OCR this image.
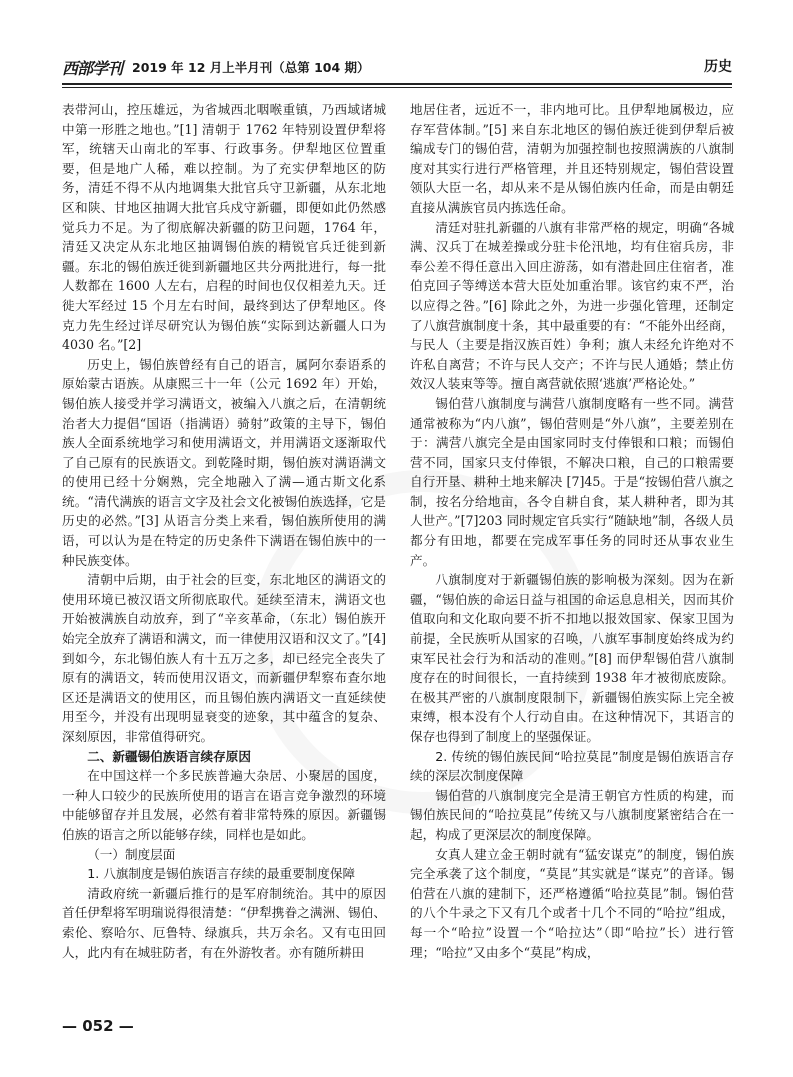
西部学刊 2019 年 12 月上半月刊（总第 104 期）	历史

表带河山，控压雄远，为省城西北咽喉重镇，乃西域诸城中第一形胜之地也。”[1] 清朝于 1762 年特别设置伊犁将军，统辖天山南北的军事、行政事务。伊犁地区位置重要，但是地广人稀，难以控制。为了充实伊犁地区的防务，清廷不得不从内地调集大批官兵守卫新疆，从东北地区和陕、甘地区抽调大批官兵戍守新疆，即便如此仍然感觉兵力不足。为了彻底解决新疆的防卫问题，1764 年，清廷又决定从东北地区抽调锡伯族的精锐官兵迁徙到新疆。东北的锡伯族迁徙到新疆地区共分两批进行，每一批人数都在 1600 人左右，启程的时间也仅仅相差九天。迁徙大军经过 15 个月左右时间，最终到达了伊犁地区。佟克力先生经过详尽研究认为锡伯族“实际到达新疆人口为 4030 名。”[2]

历史上，锡伯族曾经有自己的语言，属阿尔泰语系的原始蒙古语族。从康熙三十一年（公元 1692 年）开始，锡伯族人接受并学习满语文，被编入八旗之后，在清朝统治者大力提倡“国语（指满语）骑射”政策的主导下，锡伯族人全面系统地学习和使用满语文，并用满语文逐渐取代了自己原有的民族语文。到乾隆时期，锡伯族对满语满文的使用已经十分娴熟，完全地融入了满—通古斯文化系统。“清代满族的语言文字及社会文化被锡伯族选择，它是历史的必然。”[3] 从语言分类上来看，锡伯族所使用的满语，可以认为是在特定的历史条件下满语在锡伯族中的一种民族变体。

清朝中后期，由于社会的巨变，东北地区的满语文的使用环境已被汉语文所彻底取代。延续至清末，满语文也开始被满族自动放弃，到了“辛亥革命，（东北）锡伯族开始完全放弃了满语和满文，而一律使用汉语和汉文了。”[4] 到如今，东北锡伯族人有十五万之多，却已经完全丧失了原有的满语文，转而使用汉语文，而新疆伊犁察布查尔地区还是满语文的使用区，而且锡伯族内满语文一直延续使用至今，并没有出现明显衰变的迹象，其中蕴含的复杂、深刻原因，非常值得研究。

二、新疆锡伯族语言续存原因

在中国这样一个多民族普遍大杂居、小聚居的国度，一种人口较少的民族所使用的语言在语言竞争激烈的环境中能够留存并且发展，必然有着非常特殊的原因。新疆锡伯族的语言之所以能够存续，同样也是如此。

（一）制度层面

1. 八旗制度是锡伯族语言存续的最重要制度保障

清政府统一新疆后推行的是军府制统治。其中的原因首任伊犁将军明瑞说得很清楚：“伊犁携眷之满洲、锡伯、索伦、察哈尔、厄鲁特、绿旗兵，共万余名。又有屯田回人，此内有在城驻防者，有在外游牧者。亦有随所耕田

地居住者，远近不一，非内地可比。且伊犁地属极边，应存军营体制。”[5] 来自东北地区的锡伯族迁徙到伊犁后被编成专门的锡伯营，清朝为加强控制也按照满族的八旗制度对其实行进行严格管理，并且还特别规定，锡伯营设置领队大臣一名，却从来不是从锡伯族内任命，而是由朝廷直接从满族官员内拣选任命。

清廷对驻扎新疆的八旗有非常严格的规定，明确“各城满、汉兵丁在城差操或分驻卡伦汛地，均有住宿兵房，非奉公差不得任意出入回庄游荡，如有潜赴回庄住宿者，准伯克回子等缚送本营大臣处加重治罪。该官约束不严，治以应得之咎。”[6] 除此之外，为进一步强化管理，还制定了八旗营旗制度十条，其中最重要的有：“不能外出经商，与民人（主要是指汉族百姓）争利；旗人未经允许绝对不许私自离营；不许与民人交产；不许与民人通婚；禁止仿效汉人装束等等。擅自离营就依照‘逃旗’严格论处。”

锡伯营八旗制度与满营八旗制度略有一些不同。满营通常被称为“内八旗”，锡伯营则是“外八旗”，主要差别在于：满营八旗完全是由国家同时支付俸银和口粮；而锡伯营不同，国家只支付俸银，不解决口粮，自己的口粮需要自行开垦、耕种土地来解决 [7]45。于是“按锡伯营八旗之制，按名分给地亩，各令自耕自食，某人耕种者，即为其人世产。”[7]203 同时规定官兵实行“随缺地”制，各级人员都分有田地，都要在完成军事任务的同时还从事农业生产。

八旗制度对于新疆锡伯族的影响极为深刻。因为在新疆，“锡伯族的命运日益与祖国的命运息息相关，因而其价值取向和文化取向要不折不扣地以报效国家、保家卫国为前提，全民族听从国家的召唤，八旗军事制度始终成为约束军民社会行为和活动的准则。”[8] 而伊犁锡伯营八旗制度存在的时间很长，一直持续到 1938 年才被彻底废除。在极其严密的八旗制度限制下，新疆锡伯族实际上完全被束缚，根本没有个人行动自由。在这种情况下，其语言的保存也得到了制度上的坚强保证。

2. 传统的锡伯族民间“哈拉莫昆”制度是锡伯族语言存续的深层次制度保障

锡伯营的八旗制度完全是清王朝官方性质的构建，而锡伯族民间的“哈拉莫昆”传统又与八旗制度紧密结合在一起，构成了更深层次的制度保障。

女真人建立金王朝时就有“猛安谋克”的制度，锡伯族完全承袭了这个制度，“莫昆”其实就是“谋克”的音译。锡伯营在八旗的建制下，还严格遵循“哈拉莫昆”制。锡伯营的八个牛录之下又有几个或者十几个不同的“哈拉”组成，每一个“哈拉”设置一个“哈拉达”（即“哈拉”长）进行管理；“哈拉”又由多个“莫昆”构成，

— 052 —
